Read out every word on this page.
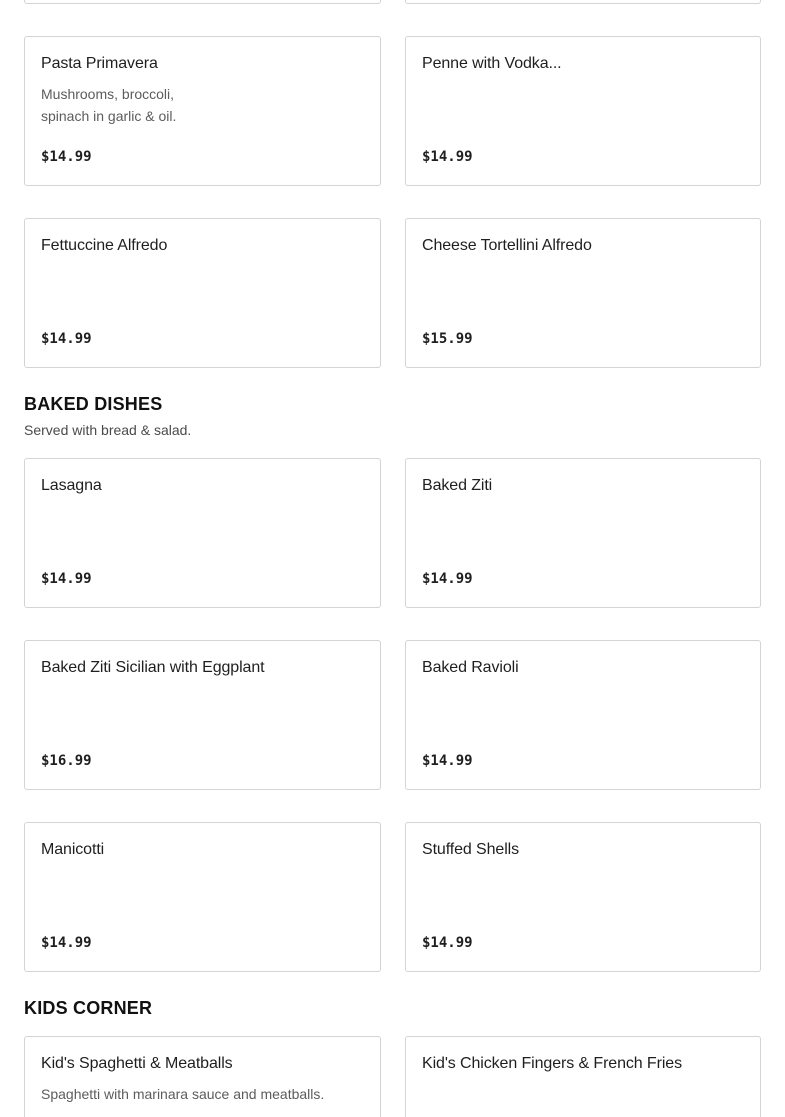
Pasta Primavera
Mushrooms, broccoli, spinach in garlic & oil.
$14.99
Penne with Vodka...
$14.99
Fettuccine Alfredo
$14.99
Cheese Tortellini Alfredo
$15.99
BAKED DISHES
Served with bread & salad.
Lasagna
$14.99
Baked Ziti
$14.99
Baked Ziti Sicilian with Eggplant
$16.99
Baked Ravioli
$14.99
Manicotti
$14.99
Stuffed Shells
$14.99
KIDS CORNER
Kid's Spaghetti & Meatballs
Spaghetti with marinara sauce and meatballs.
Kid's Chicken Fingers & French Fries
